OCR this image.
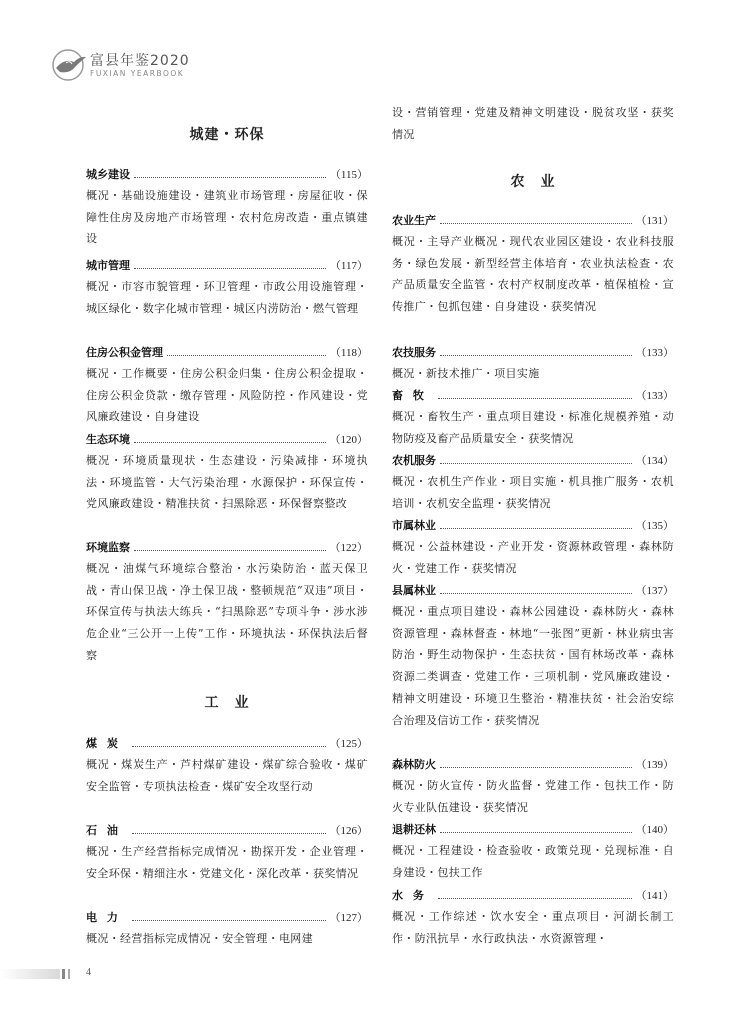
富县年鉴2020
FUXIAN YEARBOOK
城建・环保
城乡建设	（115）
概况・基础设施建设・建筑业市场管理・房屋征收・保障性住房及房地产市场管理・农村危房改造・重点镇建设
城市管理	（117）
概况・市容市貌管理・环卫管理・市政公用设施管理・城区绿化・数字化城市管理・城区内涝防治・燃气管理
住房公积金管理	（118）
概况・工作概要・住房公积金归集・住房公积金提取・住房公积金贷款・缴存管理・风险防控・作风建设・党风廉政建设・自身建设
生态环境	（120）
概况・环境质量现状・生态建设・污染减排・环境执法・环境监管・大气污染治理・水源保护・环保宣传・党风廉政建设・精准扶贫・扫黑除恶・环保督察整改
环境监察	（122）
概况・油煤气环境综合整治・水污染防治・蓝天保卫战・青山保卫战・净土保卫战・整顿规范“双违”项目・环保宣传与执法大练兵・“扫黑除恶”专项斗争・涉水涉危企业“三公开一上传”工作・环境执法・环保执法后督察
工　业
煤炭	（125）
概况・煤炭生产・芦村煤矿建设・煤矿综合验收・煤矿安全监管・专项执法检查・煤矿安全攻坚行动
石油	（126）
概况・生产经营指标完成情况・勘探开发・企业管理・安全环保・精细注水・党建文化・深化改革・获奖情况
电力	（127）
概况・经营指标完成情况・安全管理・电网建
设・营销管理・党建及精神文明建设・脱贫攻坚・获奖情况
农　业
农业生产	（131）
概况・主导产业概况・现代农业园区建设・农业科技服务・绿色发展・新型经营主体培育・农业执法检查・农产品质量安全监管・农村产权制度改革・植保植检・宣传推广・包抓包建・自身建设・获奖情况
农技服务	（133）
概况・新技术推广・项目实施
畜牧	（133）
概况・畜牧生产・重点项目建设・标准化规模养殖・动物防疫及畜产品质量安全・获奖情况
农机服务	（134）
概况・农机生产作业・项目实施・机具推广服务・农机培训・农机安全监理・获奖情况
市属林业	（135）
概况・公益林建设・产业开发・资源林政管理・森林防火・党建工作・获奖情况
县属林业	（137）
概况・重点项目建设・森林公园建设・森林防火・森林资源管理・森林督查・林地“一张图”更新・林业病虫害防治・野生动物保护・生态扶贫・国有林场改革・森林资源二类调查・党建工作・三项机制・党风廉政建设・精神文明建设・环境卫生整治・精准扶贫・社会治安综合治理及信访工作・获奖情况
森林防火	（139）
概况・防火宣传・防火监督・党建工作・包扶工作・防火专业队伍建设・获奖情况
退耕还林	（140）
概况・工程建设・检查验收・政策兑现・兑现标准・自身建设・包扶工作
水务	（141）
概况・工作综述・饮水安全・重点项目・河湖长制工作・防汛抗旱・水行政执法・水资源管理・
4
